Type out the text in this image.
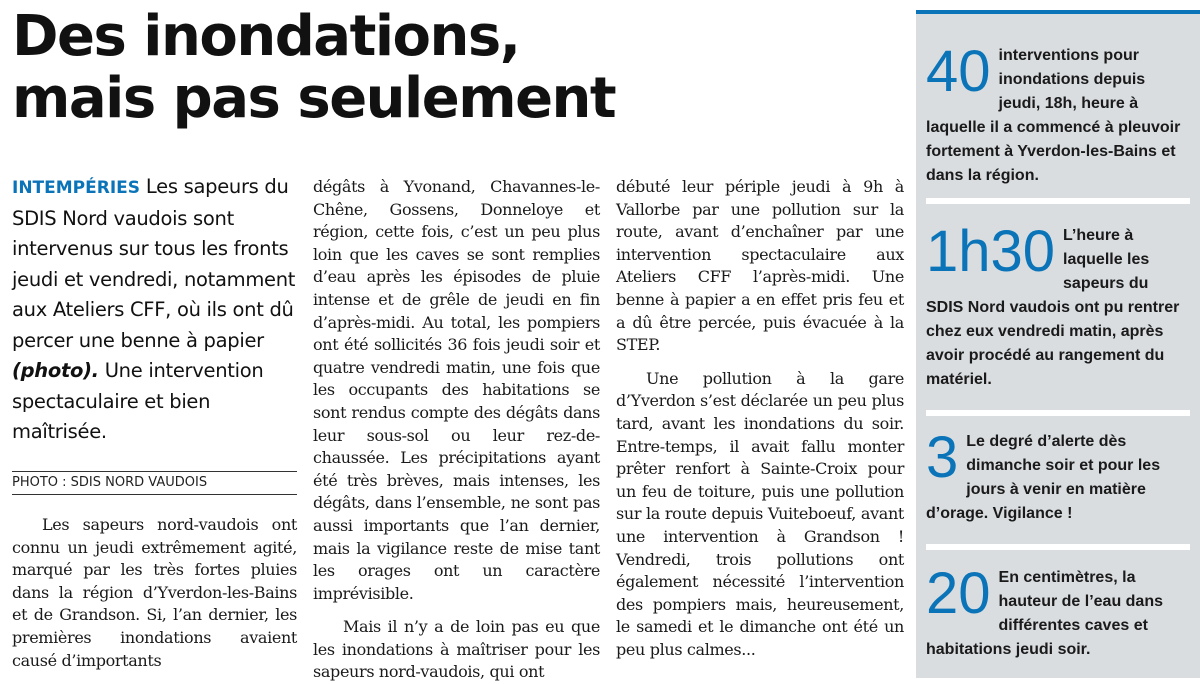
Des inondations,
mais pas seulement
INTEMPÉRIES Les sapeurs du SDIS Nord vaudois sont intervenus sur tous les fronts jeudi et vendredi, notamment aux Ateliers CFF, où ils ont dû percer une benne à papier (photo). Une intervention spectaculaire et bien maîtrisée.
PHOTO : SDIS NORD VAUDOIS

Les sapeurs nord-vaudois ont connu un jeudi extrêmement agité, marqué par les très fortes pluies dans la région d’Yverdon-les-Bains et de Grandson. Si, l’an dernier, les premières inondations avaient causé d’importants

dégâts à Yvonand, Chavannes-le-Chêne, Gossens, Donneloye et région, cette fois, c’est un peu plus loin que les caves se sont remplies d’eau après les épisodes de pluie intense et de grêle de jeudi en fin d’après-midi. Au total, les pompiers ont été sollicités 36 fois jeudi soir et quatre vendredi matin, une fois que les occupants des habitations se sont rendus compte des dégâts dans leur sous-sol ou leur rez-de-chaussée. Les précipitations ayant été très brèves, mais intenses, les dégâts, dans l’ensemble, ne sont pas aussi importants que l’an dernier, mais la vigilance reste de mise tant les orages ont un caractère imprévisible.

Mais il n’y a de loin pas eu que les inondations à maîtriser pour les sapeurs nord-vaudois, qui ont

débuté leur périple jeudi à 9h à Vallorbe par une pollution sur la route, avant d’enchaîner par une intervention spectaculaire aux Ateliers CFF l’après-midi. Une benne à papier a en effet pris feu et a dû être percée, puis évacuée à la STEP.

Une pollution à la gare d’Yverdon s’est déclarée un peu plus tard, avant les inondations du soir. Entre-temps, il avait fallu monter prêter renfort à Sainte-Croix pour un feu de toiture, puis une pollution sur la route depuis Vuiteboeuf, avant une intervention à Grandson ! Vendredi, trois pollutions ont également nécessité l’intervention des pompiers mais, heureusement, le samedi et le dimanche ont été un peu plus calmes...

40 interventions pour inondations depuis jeudi, 18h, heure à laquelle il a commencé à pleuvoir fortement à Yverdon-les-Bains et dans la région.
1h30 L’heure à laquelle les sapeurs du SDIS Nord vaudois ont pu rentrer chez eux vendredi matin, après avoir procédé au rangement du matériel.
3 Le degré d’alerte dès dimanche soir et pour les jours à venir en matière d’orage. Vigilance !
20 En centimètres, la hauteur de l’eau dans différentes caves et habitations jeudi soir.
